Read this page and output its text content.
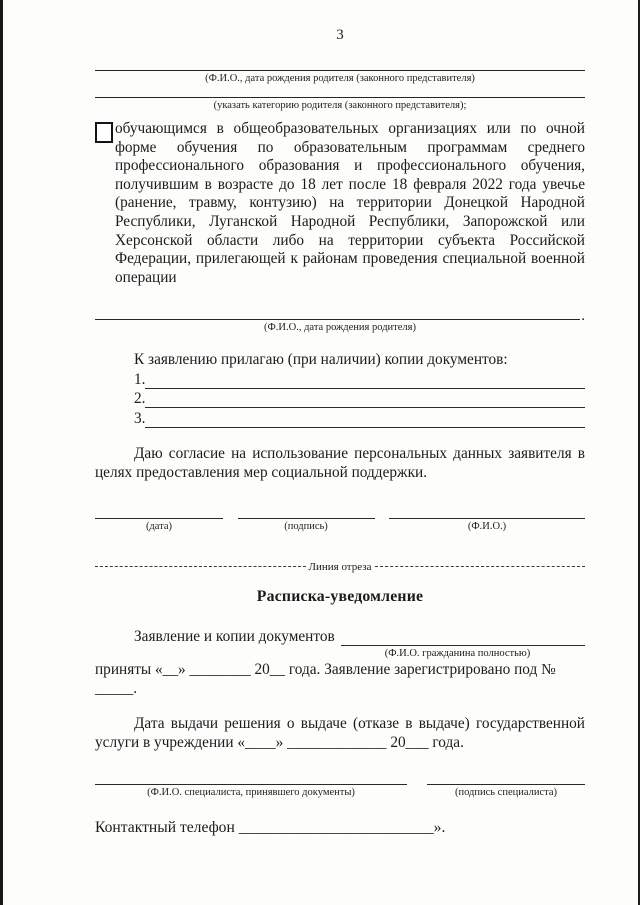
3
(Ф.И.О., дата рождения родителя (законного представителя)
(указать категорию родителя (законного представителя);
обучающимся в общеобразовательных организациях или по очной форме обучения по образовательным программам среднего профессионального образования и профессионального обучения, получившим в возрасте до 18 лет после 18 февраля 2022 года увечье (ранение, травму, контузию) на территории Донецкой Народной Республики, Луганской Народной Республики, Запорожской или Херсонской области либо на территории субъекта Российской Федерации, прилегающей к районам проведения специальной военной операции
.
(Ф.И.О., дата рождения родителя)
К заявлению прилагаю (при наличии) копии документов:
1.
2.
3.
Даю согласие на использование персональных данных заявителя в целях предоставления мер социальной поддержки.
(дата)	(подпись)	(Ф.И.О.)
Линия отреза
Расписка-уведомление
Заявление и копии документов
(Ф.И.О. гражданина полностью)
приняты «__» ________ 20__ года. Заявление зарегистрировано под № _____.
Дата выдачи решения о выдаче (отказе в выдаче) государственной услуги в учреждении «____» _____________ 20___ года.
(Ф.И.О. специалиста, принявшего документы)	(подпись специалиста)
Контактный телефон _________________________».
